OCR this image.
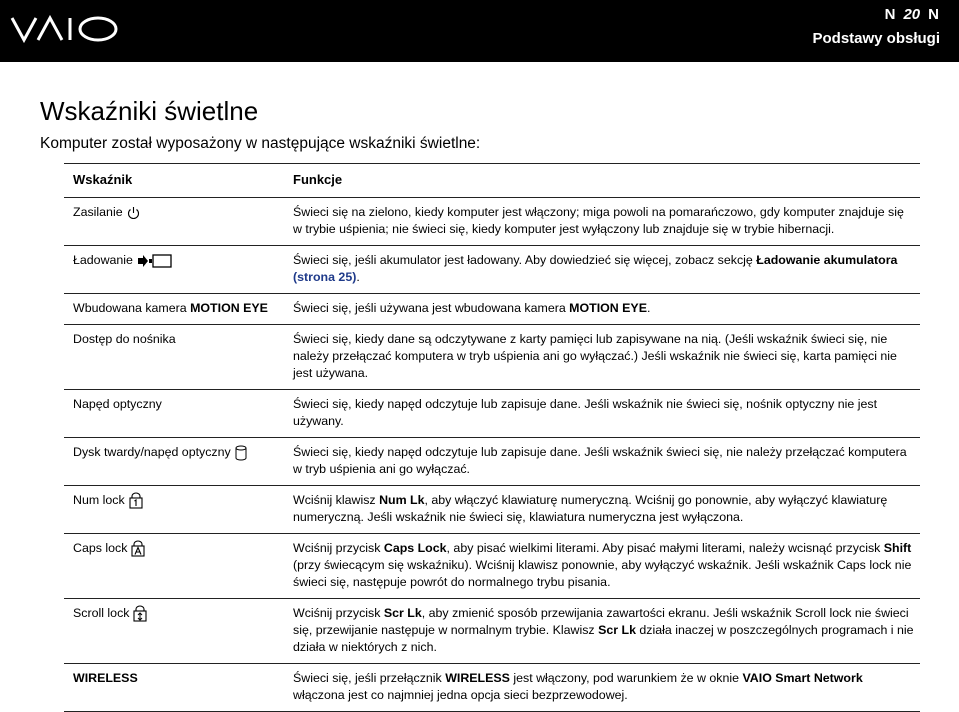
N 20 N
Podstawy obsługi
Wskaźniki świetlne

Komputer został wyposażony w następujące wskaźniki świetlne:

Wskaźnik	Funkcje
Zasilanie	Świeci się na zielono, kiedy komputer jest włączony; miga powoli na pomarańczowo, gdy komputer znajduje się w trybie uśpienia; nie świeci się, kiedy komputer jest wyłączony lub znajduje się w trybie hibernacji.
Ładowanie	Świeci się, jeśli akumulator jest ładowany. Aby dowiedzieć się więcej, zobacz sekcję Ładowanie akumulatora (strona 25).
Wbudowana kamera MOTION EYE	Świeci się, jeśli używana jest wbudowana kamera MOTION EYE.
Dostęp do nośnika	Świeci się, kiedy dane są odczytywane z karty pamięci lub zapisywane na nią. (Jeśli wskaźnik świeci się, nie należy przełączać komputera w tryb uśpienia ani go wyłączać.) Jeśli wskaźnik nie świeci się, karta pamięci nie jest używana.
Napęd optyczny	Świeci się, kiedy napęd odczytuje lub zapisuje dane. Jeśli wskaźnik nie świeci się, nośnik optyczny nie jest używany.
Dysk twardy/napęd optyczny	Świeci się, kiedy napęd odczytuje lub zapisuje dane. Jeśli wskaźnik świeci się, nie należy przełączać komputera w tryb uśpienia ani go wyłączać.
Num lock	Wciśnij klawisz Num Lk, aby włączyć klawiaturę numeryczną. Wciśnij go ponownie, aby wyłączyć klawiaturę numeryczną. Jeśli wskaźnik nie świeci się, klawiatura numeryczna jest wyłączona.
Caps lock	Wciśnij przycisk Caps Lock, aby pisać wielkimi literami. Aby pisać małymi literami, należy wcisnąć przycisk Shift (przy świecącym się wskaźniku). Wciśnij klawisz ponownie, aby wyłączyć wskaźnik. Jeśli wskaźnik Caps lock nie świeci się, następuje powrót do normalnego trybu pisania.
Scroll lock	Wciśnij przycisk Scr Lk, aby zmienić sposób przewijania zawartości ekranu. Jeśli wskaźnik Scroll lock nie świeci się, przewijanie następuje w normalnym trybie. Klawisz Scr Lk działa inaczej w poszczególnych programach i nie działa w niektórych z nich.
WIRELESS	Świeci się, jeśli przełącznik WIRELESS jest włączony, pod warunkiem że w oknie VAIO Smart Network włączona jest co najmniej jedna opcja sieci bezprzewodowej.
